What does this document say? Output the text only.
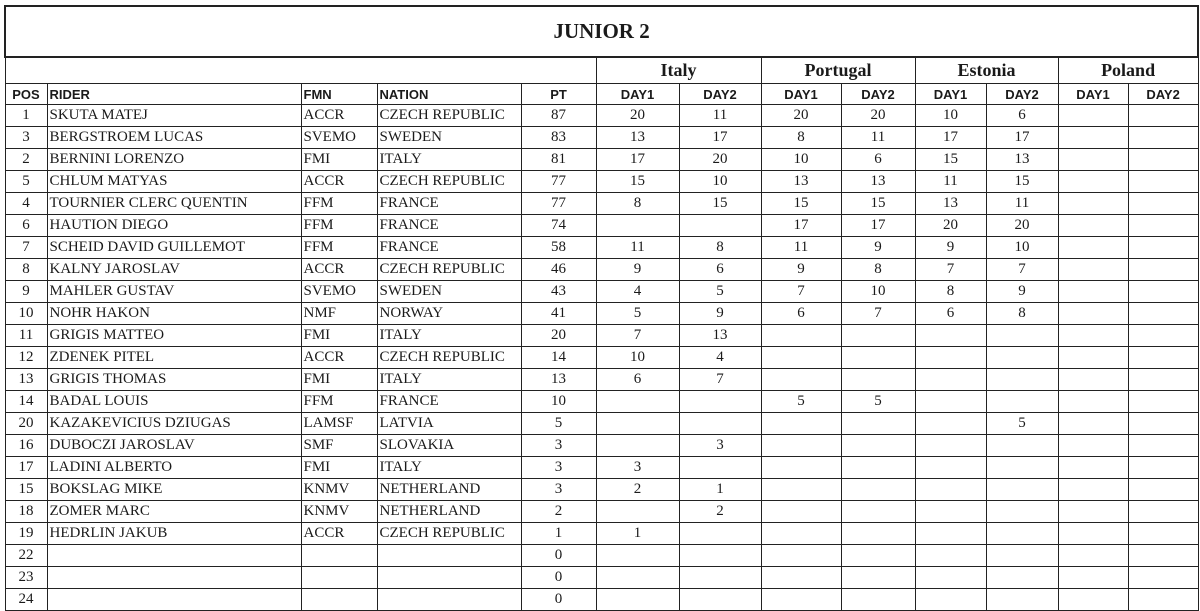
JUNIOR 2												
					Italy		Portugal		Estonia		Poland	
POS	RIDER	FMN	NATION	PT	DAY1	DAY2	DAY1	DAY2	DAY1	DAY2	DAY1	DAY2
1	SKUTA MATEJ	ACCR	CZECH REPUBLIC	87	20	11	20	20	10	6		
3	BERGSTROEM LUCAS	SVEMO	SWEDEN	83	13	17	8	11	17	17		
2	BERNINI LORENZO	FMI	ITALY	81	17	20	10	6	15	13		
5	CHLUM MATYAS	ACCR	CZECH REPUBLIC	77	15	10	13	13	11	15		
4	TOURNIER CLERC QUENTIN	FFM	FRANCE	77	8	15	15	15	13	11		
6	HAUTION DIEGO	FFM	FRANCE	74			17	17	20	20		
7	SCHEID DAVID GUILLEMOT	FFM	FRANCE	58	11	8	11	9	9	10		
8	KALNY JAROSLAV	ACCR	CZECH REPUBLIC	46	9	6	9	8	7	7		
9	MAHLER GUSTAV	SVEMO	SWEDEN	43	4	5	7	10	8	9		
10	NOHR HAKON	NMF	NORWAY	41	5	9	6	7	6	8		
11	GRIGIS MATTEO	FMI	ITALY	20	7	13						
12	ZDENEK PITEL	ACCR	CZECH REPUBLIC	14	10	4						
13	GRIGIS THOMAS	FMI	ITALY	13	6	7						
14	BADAL LOUIS	FFM	FRANCE	10			5	5				
20	KAZAKEVICIUS DZIUGAS	LAMSF	LATVIA	5						5		
16	DUBOCZI JAROSLAV	SMF	SLOVAKIA	3		3						
17	LADINI ALBERTO	FMI	ITALY	3	3							
15	BOKSLAG MIKE	KNMV	NETHERLAND	3	2	1						
18	ZOMER MARC	KNMV	NETHERLAND	2		2						
19	HEDRLIN JAKUB	ACCR	CZECH REPUBLIC	1	1							
22				0								
23				0								
24				0								
